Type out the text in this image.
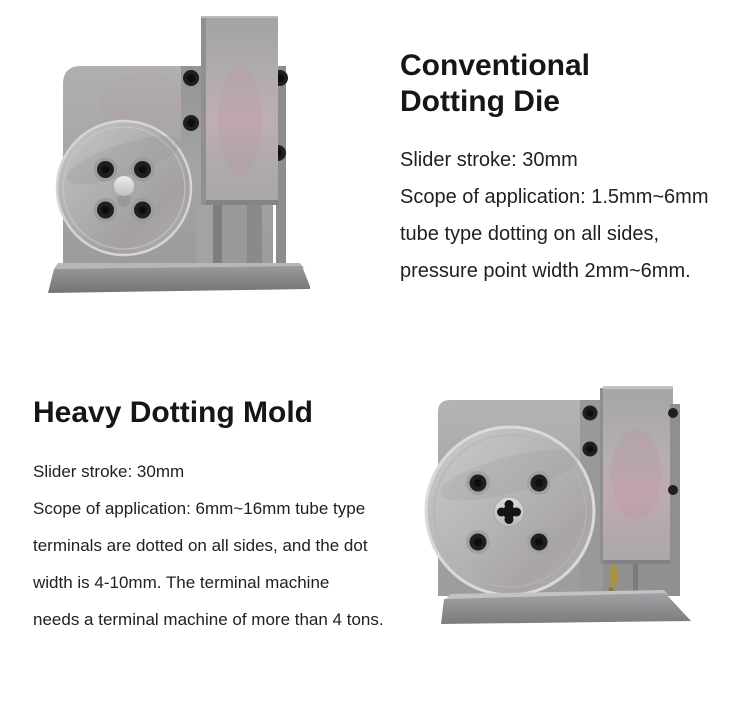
Conventional
Dotting Die

Slider stroke: 30mm

Scope of application: 1.5mm~6mm

tube type dotting on all sides,

pressure point width 2mm~6mm.

Heavy Dotting Mold

Slider stroke: 30mm

Scope of application: 6mm~16mm tube type

terminals are dotted on all sides, and the dot

width is 4-10mm. The terminal machine

needs a terminal machine of more than 4 tons.
